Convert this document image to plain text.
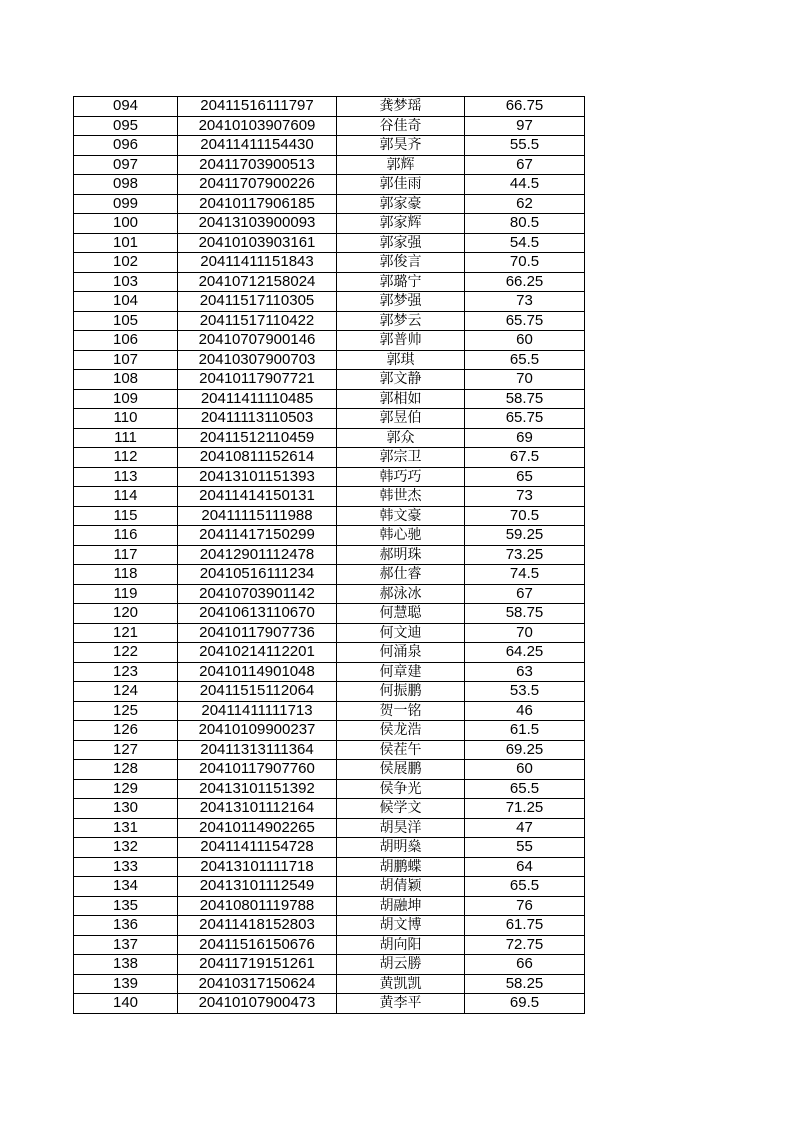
094	20411516111797	龚梦瑶	66.75
095	20410103907609	谷佳奇	97
096	20411411154430	郭昊齐	55.5
097	20411703900513	郭辉	67
098	20411707900226	郭佳雨	44.5
099	20410117906185	郭家豪	62
100	20413103900093	郭家辉	80.5
101	20410103903161	郭家强	54.5
102	20411411151843	郭俊言	70.5
103	20410712158024	郭璐宁	66.25
104	20411517110305	郭梦强	73
105	20411517110422	郭梦云	65.75
106	20410707900146	郭普帅	60
107	20410307900703	郭琪	65.5
108	20410117907721	郭文静	70
109	20411411110485	郭相如	58.75
110	20411113110503	郭昱伯	65.75
111	20411512110459	郭众	69
112	20410811152614	郭宗卫	67.5
113	20413101151393	韩巧巧	65
114	20411414150131	韩世杰	73
115	20411115111988	韩文豪	70.5
116	20411417150299	韩心驰	59.25
117	20412901112478	郝明珠	73.25
118	20410516111234	郝仕睿	74.5
119	20410703901142	郝泳冰	67
120	20410613110670	何慧聪	58.75
121	20410117907736	何文迪	70
122	20410214112201	何涌泉	64.25
123	20410114901048	何章建	63
124	20411515112064	何振鹏	53.5
125	20411411111713	贺一铭	46
126	20410109900237	侯龙浩	61.5
127	20411313111364	侯茬午	69.25
128	20410117907760	侯展鹏	60
129	20413101151392	侯争光	65.5
130	20413101112164	候学文	71.25
131	20410114902265	胡昊洋	47
132	20411411154728	胡明燊	55
133	20413101111718	胡鹏蝶	64
134	20413101112549	胡倩颖	65.5
135	20410801119788	胡融坤	76
136	20411418152803	胡文博	61.75
137	20411516150676	胡向阳	72.75
138	20411719151261	胡云勝	66
139	20410317150624	黄凯凯	58.25
140	20410107900473	黄李平	69.5
